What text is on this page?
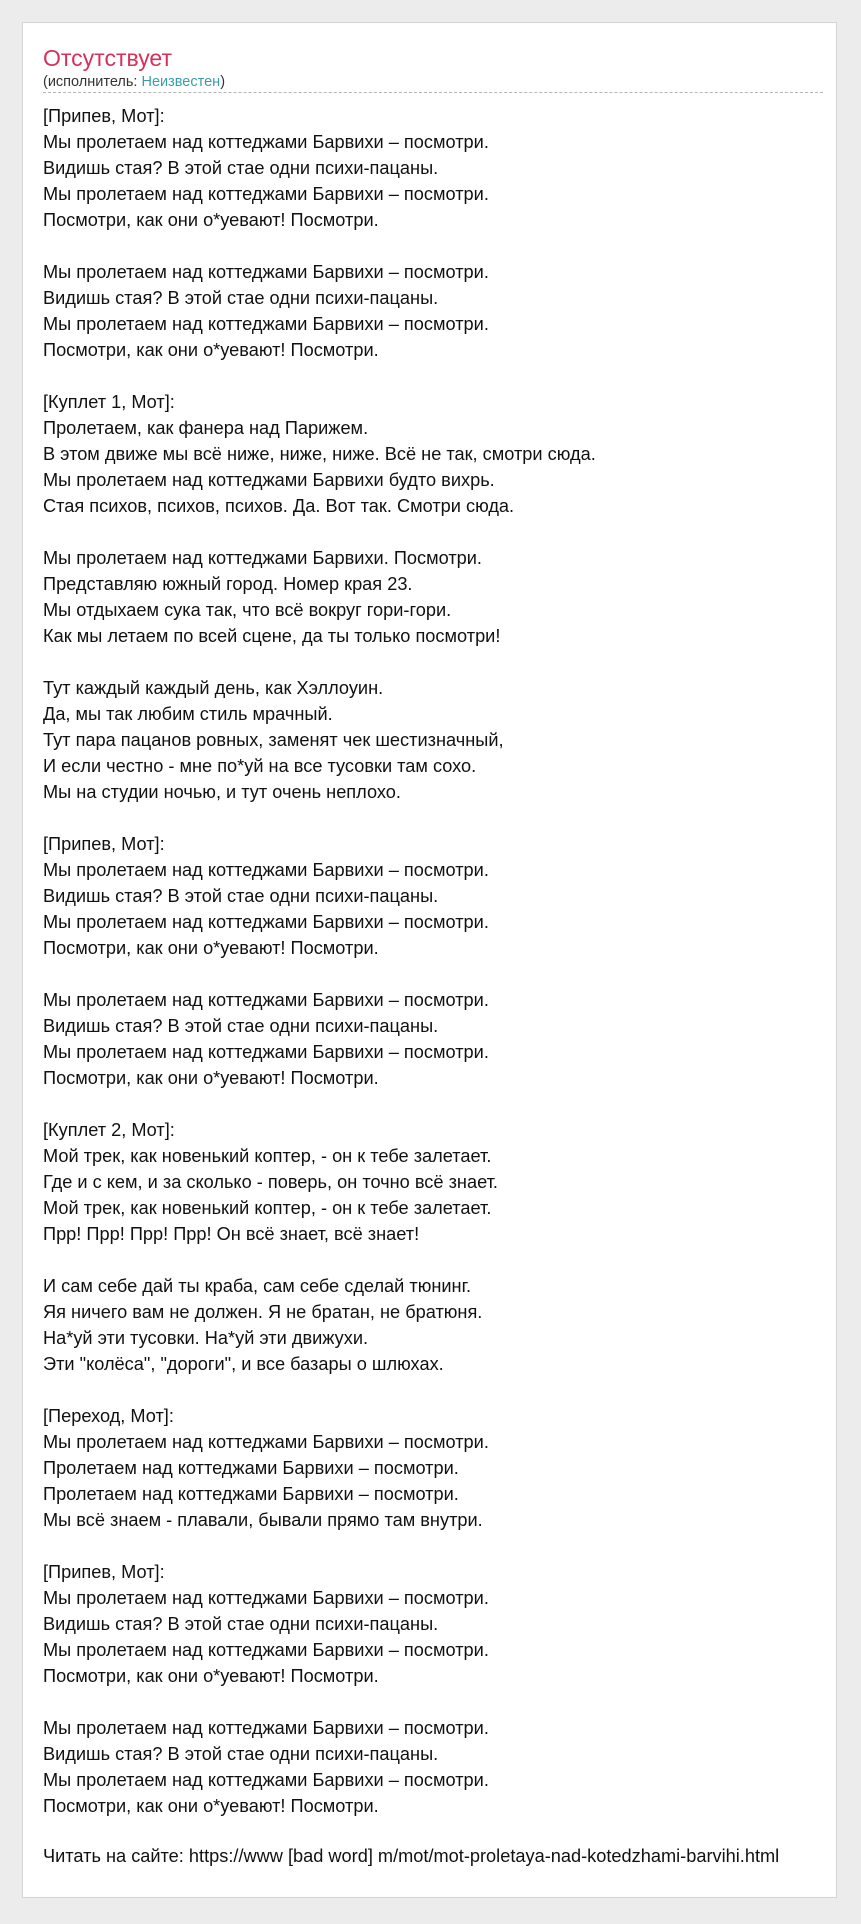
Отсутствует
(исполнитель: Неизвестен)
[Припев, Мот]:
Мы пролетаем над коттеджами Барвихи – посмотри.
Видишь стая? В этой стае одни психи-пацаны.
Мы пролетаем над коттеджами Барвихи – посмотри.
Посмотри, как они о*уевают! Посмотри.
Мы пролетаем над коттеджами Барвихи – посмотри.
Видишь стая? В этой стае одни психи-пацаны.
Мы пролетаем над коттеджами Барвихи – посмотри.
Посмотри, как они о*уевают! Посмотри.
[Куплет 1, Мот]:
Пролетаем, как фанера над Парижем.
В этом движе мы всё ниже, ниже, ниже. Всё не так, смотри сюда.
Мы пролетаем над коттеджами Барвихи будто вихрь.
Стая психов, психов, психов. Да. Вот так. Смотри сюда.
Мы пролетаем над коттеджами Барвихи. Посмотри.
Представляю южный город. Номер края 23.
Мы отдыхаем сука так, что всё вокруг гори-гори.
Как мы летаем по всей сцене, да ты только посмотри!
Тут каждый каждый день, как Хэллоуин.
Да, мы так любим стиль мрачный.
Тут пара пацанов ровных, заменят чек шестизначный,
И если честно - мне по*уй на все тусовки там сохо.
Мы на студии ночью, и тут очень неплохо.
[Припев, Мот]:
Мы пролетаем над коттеджами Барвихи – посмотри.
Видишь стая? В этой стае одни психи-пацаны.
Мы пролетаем над коттеджами Барвихи – посмотри.
Посмотри, как они о*уевают! Посмотри.
Мы пролетаем над коттеджами Барвихи – посмотри.
Видишь стая? В этой стае одни психи-пацаны.
Мы пролетаем над коттеджами Барвихи – посмотри.
Посмотри, как они о*уевают! Посмотри.
[Куплет 2, Мот]:
Мой трек, как новенький коптер, - он к тебе залетает.
Где и с кем, и за сколько - поверь, он точно всё знает.
Мой трек, как новенький коптер, - он к тебе залетает.
Прр! Прр! Прр! Прр! Он всё знает, всё знает!
И сам себе дай ты краба, сам себе сделай тюнинг.
Яя ничего вам не должен. Я не братан, не братюня.
На*уй эти тусовки. На*уй эти движухи.
Эти "колёса", "дороги", и все базары о шлюхах.
[Переход, Мот]:
Мы пролетаем над коттеджами Барвихи – посмотри.
Пролетаем над коттеджами Барвихи – посмотри.
Пролетаем над коттеджами Барвихи – посмотри.
Мы всё знаем - плавали, бывали прямо там внутри.
[Припев, Мот]:
Мы пролетаем над коттеджами Барвихи – посмотри.
Видишь стая? В этой стае одни психи-пацаны.
Мы пролетаем над коттеджами Барвихи – посмотри.
Посмотри, как они о*уевают! Посмотри.
Мы пролетаем над коттеджами Барвихи – посмотри.
Видишь стая? В этой стае одни психи-пацаны.
Мы пролетаем над коттеджами Барвихи – посмотри.
Посмотри, как они о*уевают! Посмотри.
Читать на сайте: https://www [bad word] m/mot/mot-proletaya-nad-kotedzhami-barvihi.html
